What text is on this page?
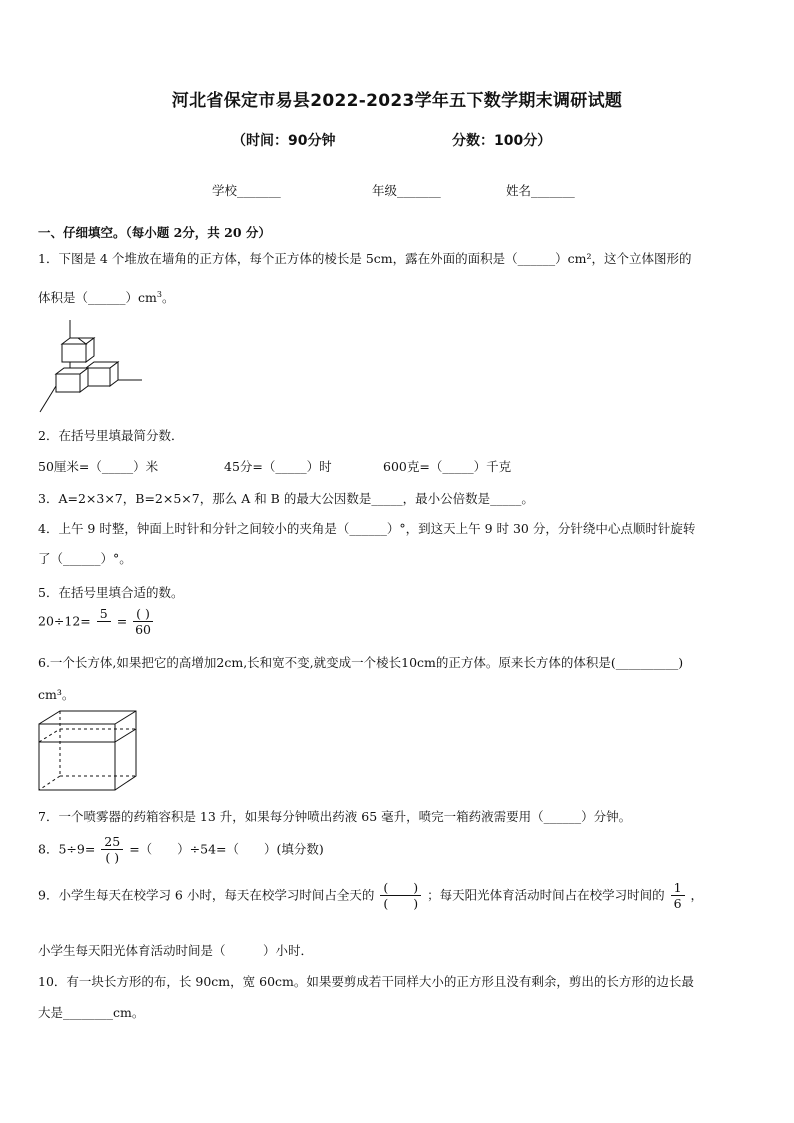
河北省保定市易县2022-2023学年五下数学期末调研试题
（时间：90分钟	分数：100分）
学校_______	年级_______	姓名_______
一、仔细填空。（每小题 2分，共 20 分）
1．下图是 4 个堆放在墙角的正方体，每个正方体的棱长是 5cm，露在外面的面积是（______）cm²，这个立体图形的
体积是$(\_\_\_\_\_\_)cm^3$。
2．在括号里填最简分数．
50厘米=（_____）米	45分=（_____）时	600克=（_____）千克
3．A=2×3×7，B=2×5×7，那么 A 和 B 的最大公因数是_____，最小公倍数是_____。
4．上午 9 时整，钟面上时针和分针之间较小的夹角是（______）°，到这天上午 9 时 30 分，分针绕中心点顺时针旋转
了（______）°。
5．在括号里填合适的数。
20÷12= 5
= $\frac{( )}{60}$
6.一个长方体,如果把它的高增加2cm,长和宽不变,就变成一个棱长10cm的正方体。原来长方体的体积是(__________)
cm³。
7．一个喷雾器的药箱容积是 13 升，如果每分钟喷出药液 65 毫升，喷完一箱药液需要用（______）分钟。
8．$5\div 9= \frac{25}{( )}$ =（　　）÷54=（　　）(填分数)
9．小学生每天在校学习 6 小时，每天在校学习时间占全天的 $\frac{( )}{( )}$ ；每天阳光体育活动时间占在校学习时间的 $\frac{1}{6}$ ，
小学生每天阳光体育活动时间是（　　　）小时．
10．有一块长方形的布，长 90cm，宽 60cm。如果要剪成若干同样大小的正方形且没有剩余，剪出的长方形的边长最
大是________cm。
